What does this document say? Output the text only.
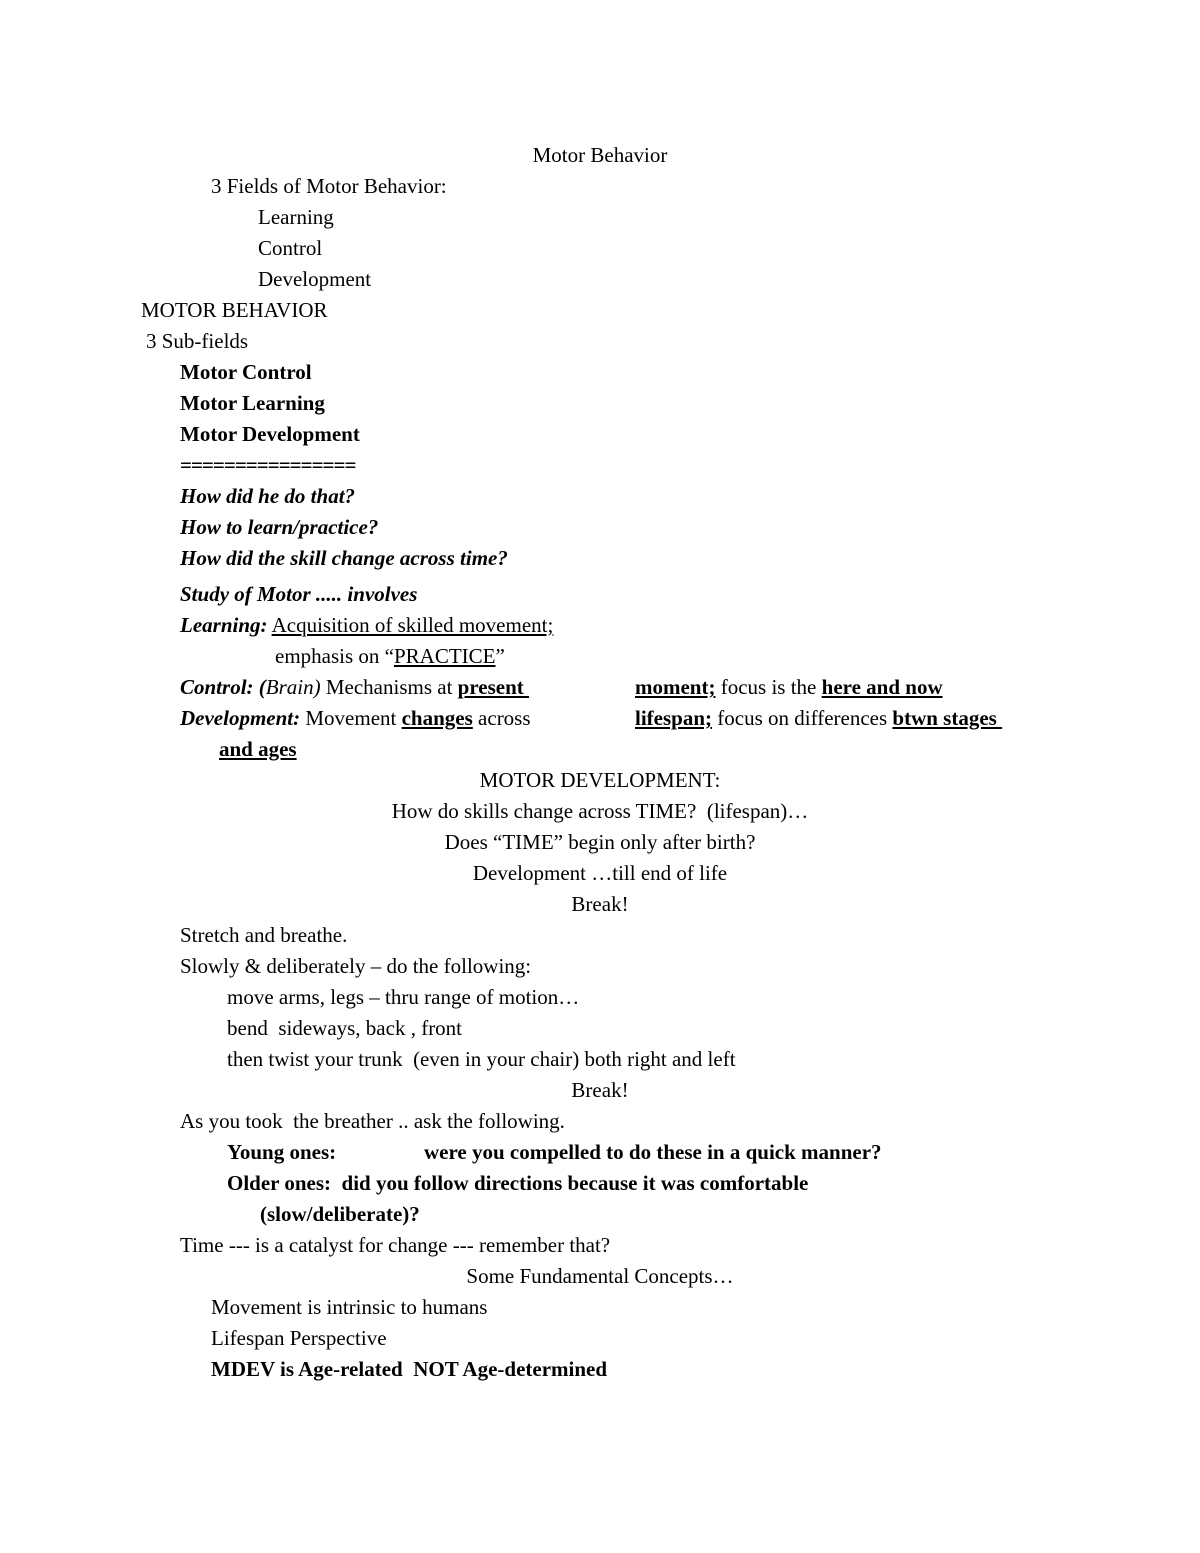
Motor Behavior
3 Fields of Motor Behavior:
Learning
Control
Development
MOTOR BEHAVIOR
3 Sub-fields
Motor Control
Motor Learning
Motor Development
================
How did he do that?
How to learn/practice?
How did the skill change across time?
Study of Motor ..... involves
Learning: Acquisition of skilled movement;
emphasis on “PRACTICE”
Control: (Brain) Mechanisms at present	moment; focus is the here and now
Development: Movement changes across	lifespan; focus on differences btwn stages
and ages
MOTOR DEVELOPMENT:
How do skills change across TIME?  (lifespan)…
Does “TIME” begin only after birth?
Development …till end of life
Break!
Stretch and breathe.
Slowly & deliberately – do the following:
move arms, legs – thru range of motion…
bend  sideways, back , front
then twist your trunk  (even in your chair) both right and left
Break!
As you took  the breather .. ask the following.
Young ones:	were you compelled to do these in a quick manner?
Older ones:  did you follow directions because it was comfortable
(slow/deliberate)?
Time --- is a catalyst for change --- remember that?
Some Fundamental Concepts…
Movement is intrinsic to humans
Lifespan Perspective
MDEV is Age-related  NOT Age-determined
